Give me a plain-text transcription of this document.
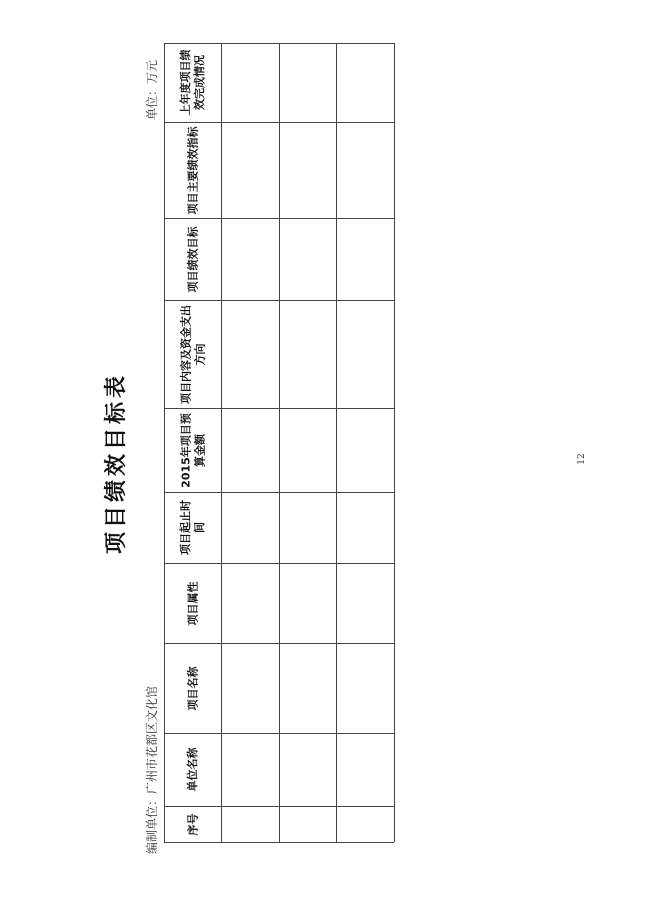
项目绩效目标表
编制单位：广州市花都区文化馆
单位：万元
12
序号
单位名称
项目名称
项目属性
项目起止时间
2015年项目预算金额
项目内容及资金支出方向
项目绩效目标
项目主要绩效指标
上年度项目绩效完成情况
